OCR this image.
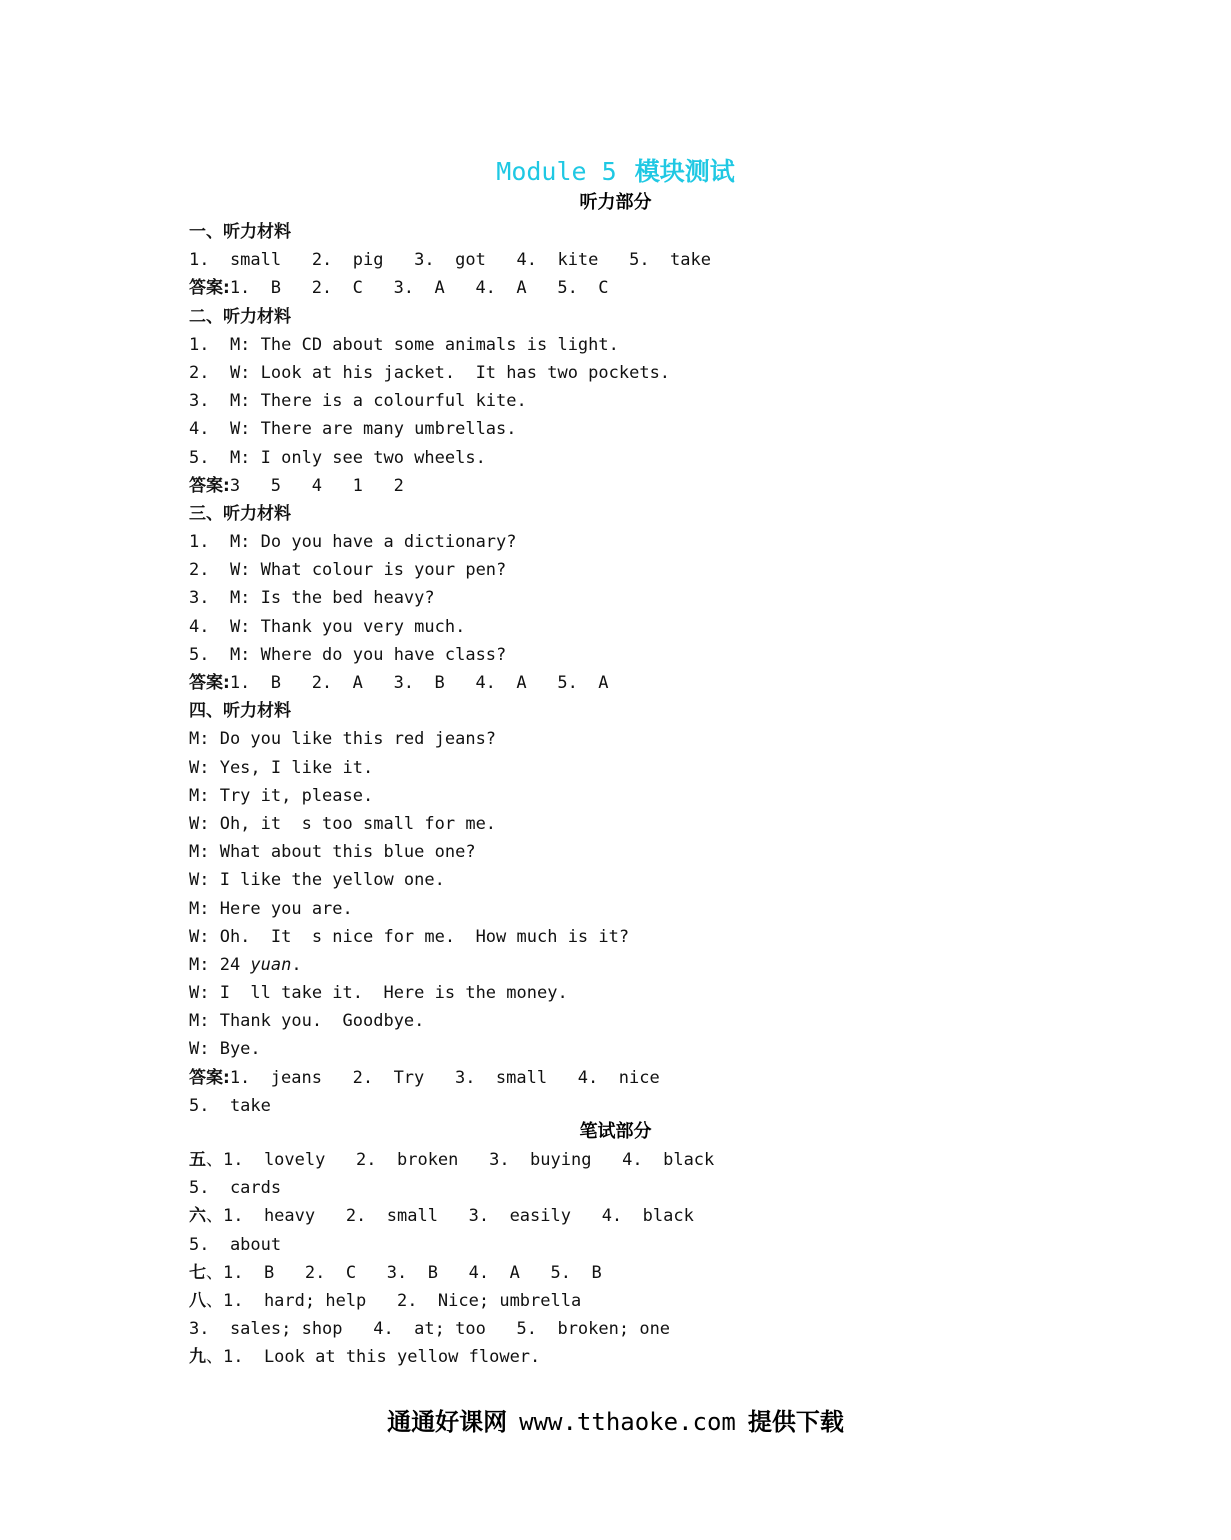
Module 5 模块测试
听力部分
一、听力材料
1.  small   2.  pig   3.  got   4.  kite   5.  take
答案:1.  B   2.  C   3.  A   4.  A   5.  C
二、听力材料
1.  M: The CD about some animals is light.
2.  W: Look at his jacket.  It has two pockets.
3.  M: There is a colourful kite.
4.  W: There are many umbrellas.
5.  M: I only see two wheels.
答案:3   5   4   1   2
三、听力材料
1.  M: Do you have a dictionary?
2.  W: What colour is your pen?
3.  M: Is the bed heavy?
4.  W: Thank you very much.
5.  M: Where do you have class?
答案:1.  B   2.  A   3.  B   4.  A   5.  A
四、听力材料
M: Do you like this red jeans?
W: Yes, I like it.
M: Try it, please.
W: Oh, it  s too small for me.
M: What about this blue one?
W: I like the yellow one.
M: Here you are.
W: Oh.  It  s nice for me.  How much is it?
M: 24 yuan.
W: I  ll take it.  Here is the money.
M: Thank you.  Goodbye.
W: Bye.
答案:1.  jeans   2.  Try   3.  small   4.  nice
5.  take
笔试部分
五、1.  lovely   2.  broken   3.  buying   4.  black
5.  cards
六、1.  heavy   2.  small   3.  easily   4.  black
5.  about
七、1.  B   2.  C   3.  B   4.  A   5.  B
八、1.  hard; help   2.  Nice; umbrella
3.  sales; shop   4.  at; too   5.  broken; one
九、1.  Look at this yellow flower.
通通好课网 www.tthaoke.com 提供下载
